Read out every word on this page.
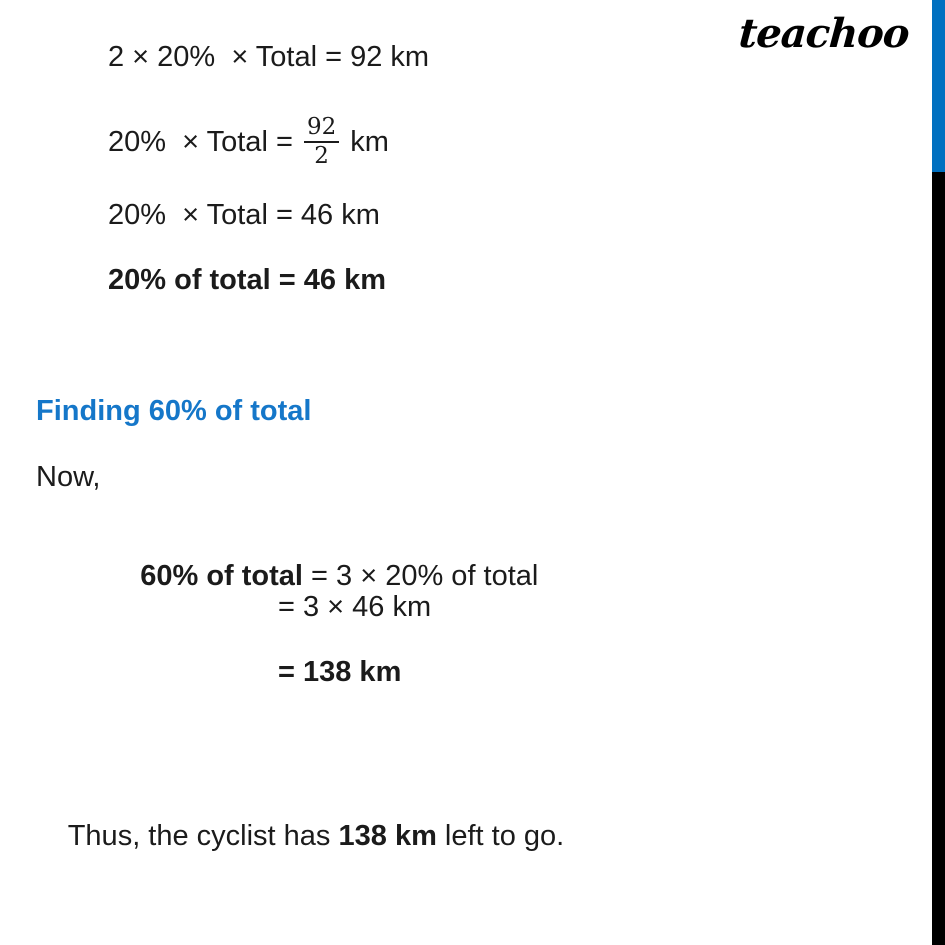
teachoo
2 × 20%  × Total = 92 km
20%  × Total = $\frac{92}{2}$ km
20%  × Total = 46 km
20% of total = 46 km
Finding 60% of total
Now,

60% of total = 3 × 20% of total

= 3 × 46 km
= 138 km

Thus, the cyclist has 138 km left to go.
